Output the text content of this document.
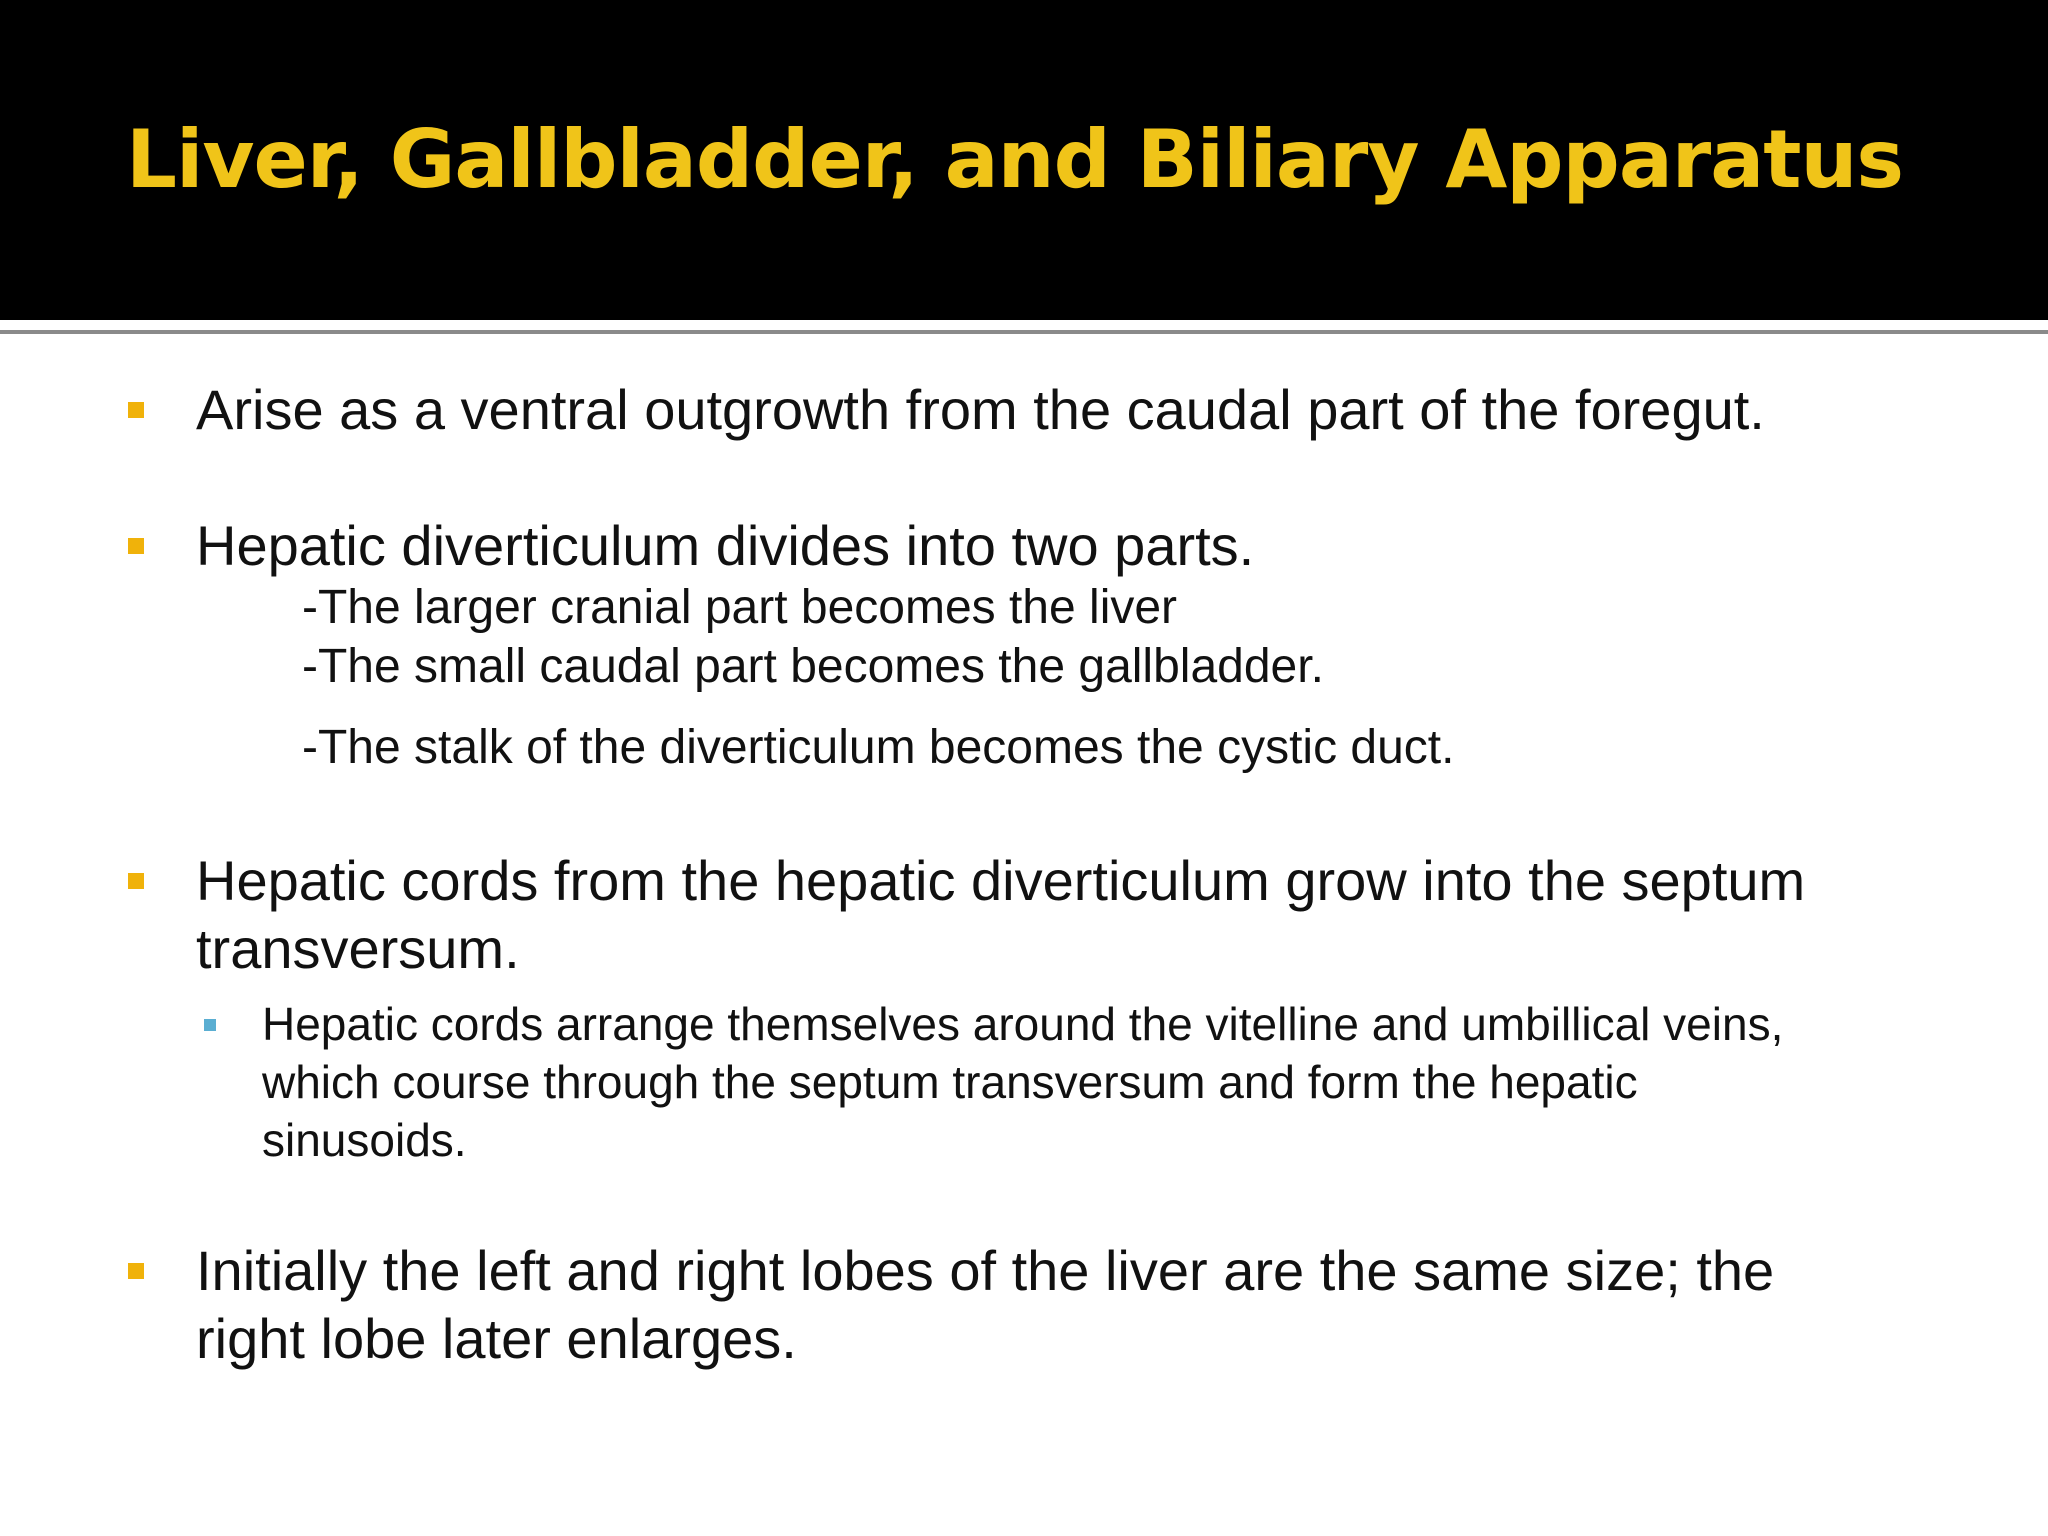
Liver, Gallbladder, and Biliary Apparatus

Arise as a ventral outgrowth from the caudal part of the foregut.

Hepatic diverticulum divides into two parts.

-The larger cranial part becomes the liver

-The small caudal part becomes the gallbladder.

-The stalk of the diverticulum becomes the cystic duct.

Hepatic cords from the hepatic diverticulum grow into the septum

transversum.

Hepatic cords arrange themselves around the vitelline and umbillical veins,

which course through the septum transversum and form the hepatic

sinusoids.

Initially the left and right lobes of the liver are the same size; the

right lobe later enlarges.
